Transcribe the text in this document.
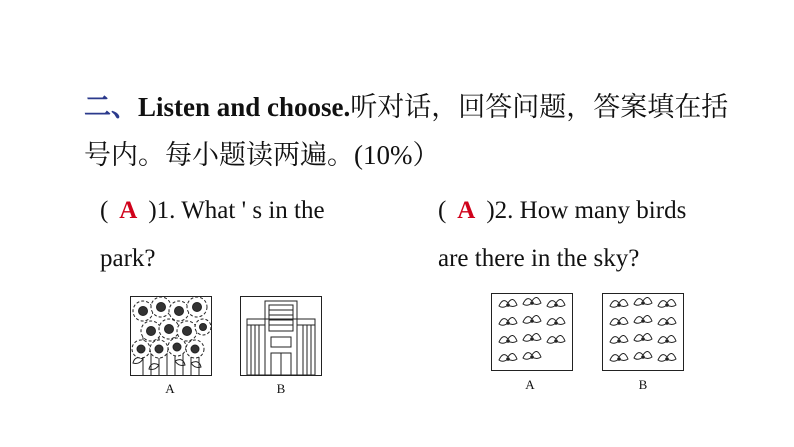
二、Listen and choose.听对话，回答问题，答案填在括
号内。每小题读两遍。(10%）
( A )1. What ' s in the
park?
( A )2. How many birds
are there in the sky?
A	B	A	B
